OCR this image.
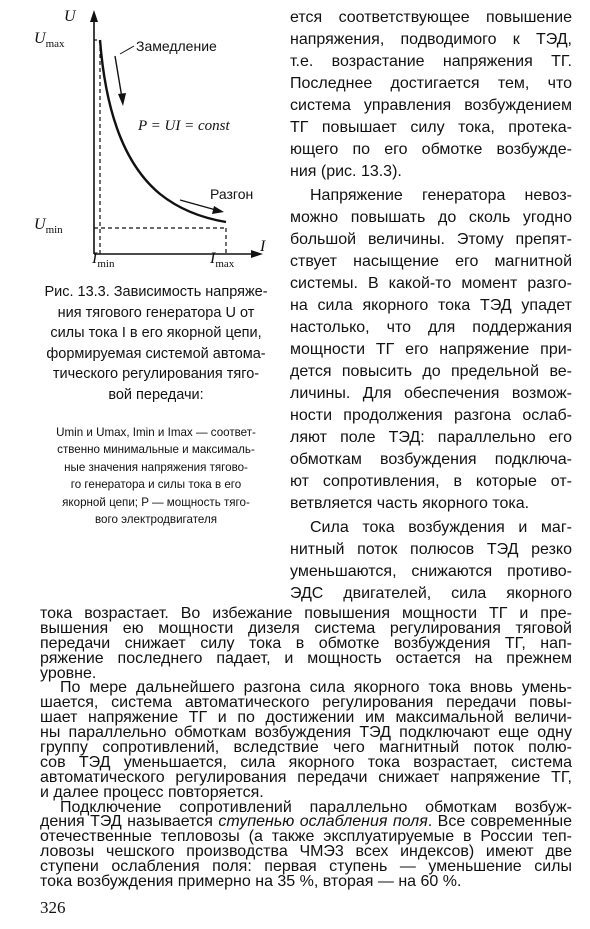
U
I
$U_{max}$
$U_{min}$
$I_{min}$	$I_{max}$
Замедление
Разгон
P = UI = const
Рис. 13.3. Зависимость напряже-
ния тягового генератора U от
силы тока I в его якорной цепи,
формируемая системой автома-
тического регулирования тяго-
вой передачи:
Umin и Umax, Imin и Imax — соответ-
ственно минимальные и максималь-
ные значения напряжения тягово-
го генератора и силы тока в его
якорной цепи; P — мощность тяго-
вого электродвигателя
ется соответствующее повышение
напряжения, подводимого к ТЭД,
т.е. возрастание напряжения ТГ.
Последнее достигается тем, что
система управления возбуждением
ТГ повышает силу тока, протека-
ющего по его обмотке возбужде-
ния (рис. 13.3).
Напряжение генератора невоз-
можно повышать до сколь угодно
большой величины. Этому препят-
ствует насыщение его магнитной
системы. В какой-то момент разго-
на сила якорного тока ТЭД упадет
настолько, что для поддержания
мощности ТГ его напряжение при-
дется повысить до предельной ве-
личины. Для обеспечения возмож-
ности продолжения разгона ослаб-
ляют поле ТЭД: параллельно его
обмоткам возбуждения подключа-
ют сопротивления, в которые от-
ветвляется часть якорного тока.
Сила тока возбуждения и маг-
нитный поток полюсов ТЭД резко
уменьшаются, снижаются противо-
ЭДС двигателей, сила якорного
тока возрастает. Во избежание повышения мощности ТГ и пре-
вышения ею мощности дизеля система регулирования тяговой
передачи снижает силу тока в обмотке возбуждения ТГ, нап-
ряжение последнего падает, и мощность остается на прежнем
уровне.
По мере дальнейшего разгона сила якорного тока вновь умень-
шается, система автоматического регулирования передачи повы-
шает напряжение ТГ и по достижении им максимальной величи-
ны параллельно обмоткам возбуждения ТЭД подключают еще одну
группу сопротивлений, вследствие чего магнитный поток полю-
сов ТЭД уменьшается, сила якорного тока возрастает, система
автоматического регулирования передачи снижает напряжение ТГ,
и далее процесс повторяется.
Подключение сопротивлений параллельно обмоткам возбуж-
дения ТЭД называется ступенью ослабления поля. Все современные
отечественные тепловозы (а также эксплуатируемые в России теп-
ловозы чешского производства ЧМЭ3 всех индексов) имеют две
ступени ослабления поля: первая ступень — уменьшение силы
тока возбуждения примерно на 35 %, вторая — на 60 %.
326
